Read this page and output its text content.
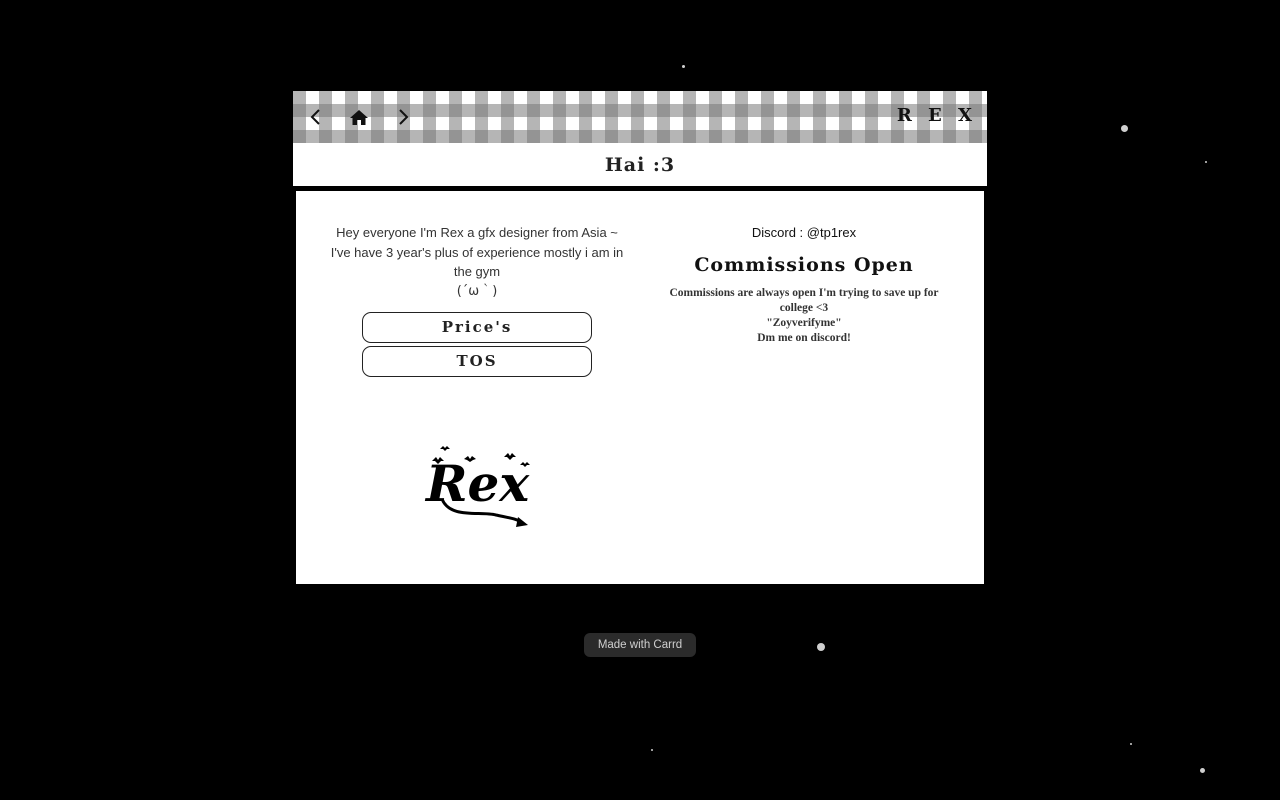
R E X
Hai :3

Hey everyone I'm Rex a gfx designer from Asia ~ I've have 3 year's plus of experience mostly i am in the gym

(´ω｀)

Price's
TOS
Rex

Discord : @tp1rex

Commissions Open

Commissions are always open I'm trying to save up for college <3

"Zoyverifyme"

Dm me on discord!

Made with Carrd
